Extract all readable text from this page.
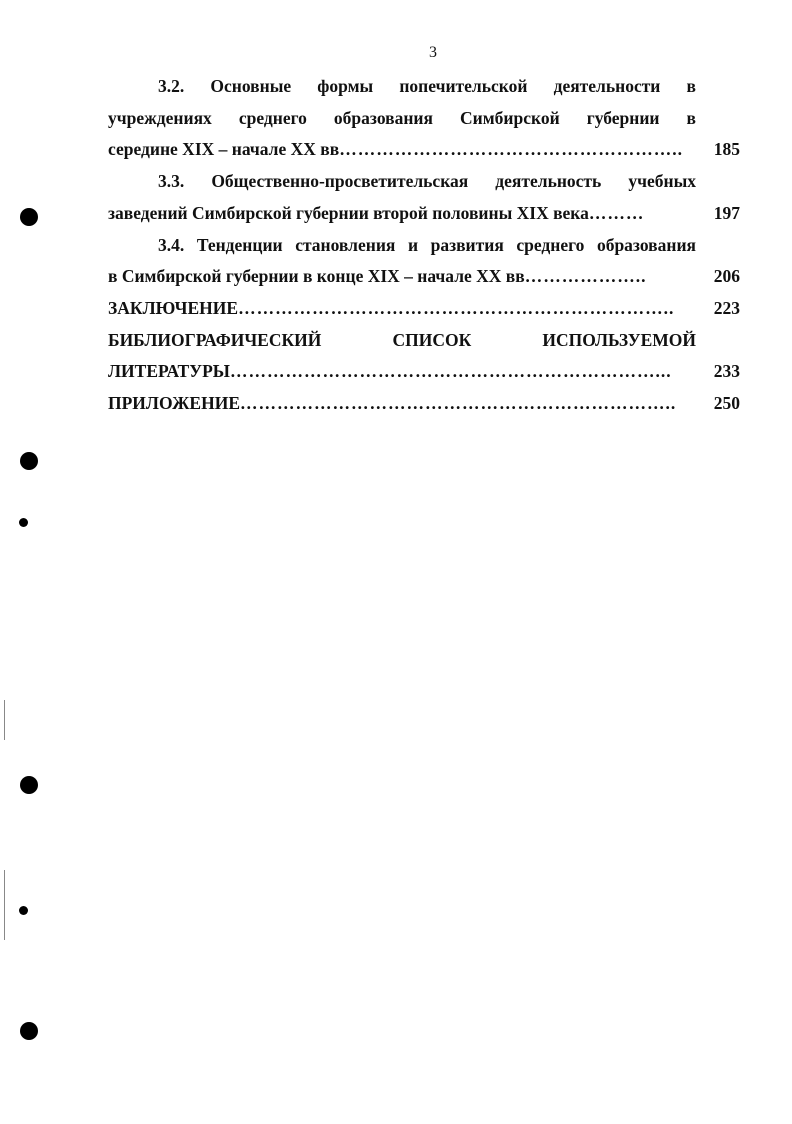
3
3.2. Основные формы попечительской деятельности в
учреждениях среднего образования Симбирской губернии в
середине XIX – начале XX вв ………………………………………………..	185
3.3. Общественно-просветительская деятельность учебных
заведений Симбирской губернии второй половины XIX века ………	197
3.4. Тенденции становления и развития среднего образования
в Симбирской губернии в конце XIX – начале XX вв ………………..	206
ЗАКЛЮЧЕНИЕ ……………………………………………………………..	223
БИБЛИОГРАФИЧЕСКИЙ СПИСОК ИСПОЛЬЗУЕМОЙ
ЛИТЕРАТУРЫ ……………………………………………………………...	233
ПРИЛОЖЕНИЕ ……………………………………………………………..	250
